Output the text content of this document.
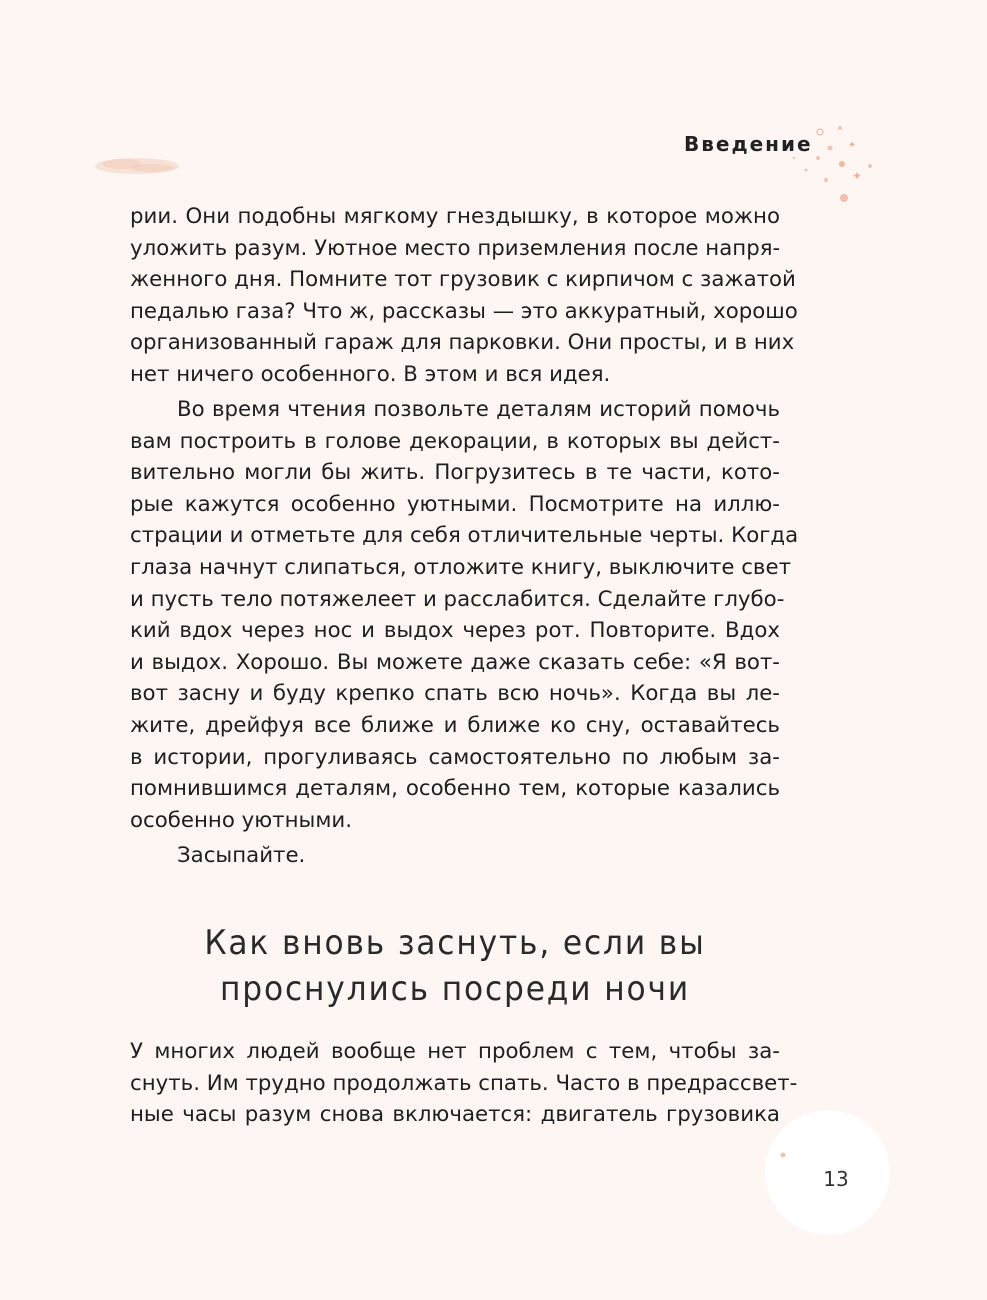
Введение	✦
✦
рии. Они подобны мягкому гнездышку, в которое можно
уложить разум. Уютное место приземления после напря-
женного дня. Помните тот грузовик с кирпичом с зажатой
педалью газа? Что ж, рассказы — это аккуратный, хорошо
организованный гараж для парковки. Они просты, и в них
нет ничего особенного. В этом и вся идея.
Во время чтения позвольте деталям историй помочь
вам построить в голове декорации, в которых вы дейст-
вительно могли бы жить. Погрузитесь в те части, кото-
рые кажутся особенно уютными. Посмотрите на иллю-
страции и отметьте для себя отличительные черты. Когда
глаза начнут слипаться, отложите книгу, выключите свет
и пусть тело потяжелеет и расслабится. Сделайте глубо-
кий вдох через нос и выдох через рот. Повторите. Вдох
и выдох. Хорошо. Вы можете даже сказать себе: «Я вот-
вот засну и буду крепко спать всю ночь». Когда вы ле-
жите, дрейфуя все ближе и ближе ко сну, оставайтесь
в истории, прогуливаясь самостоятельно по любым за-
помнившимся деталям, особенно тем, которые казались
особенно уютными.
Засыпайте.
Как вновь заснуть, если вы
проснулись посреди ночи
У многих людей вообще нет проблем с тем, чтобы за-
снуть. Им трудно продолжать спать. Часто в предрассвет-
ные часы разум снова включается: двигатель грузовика
13
